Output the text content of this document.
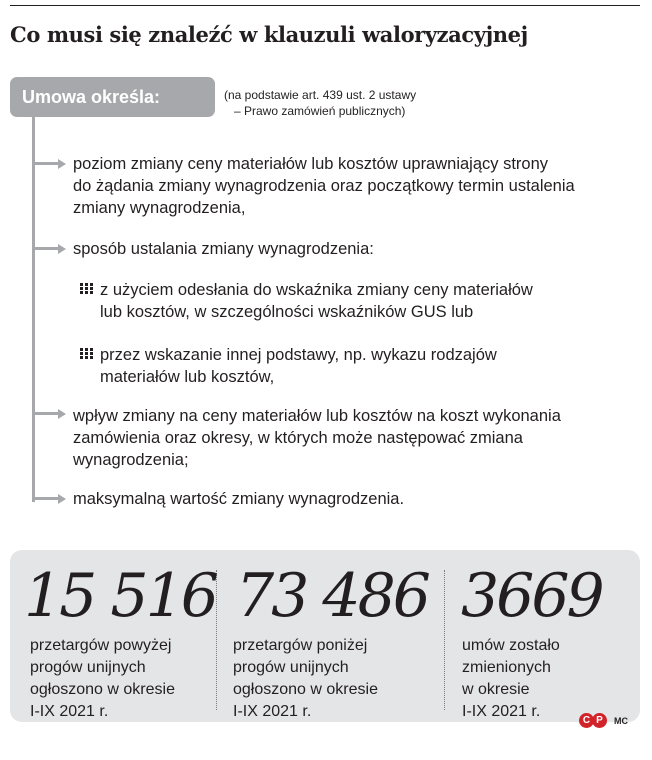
Co musi się znaleźć w klauzuli waloryzacyjnej
Umowa określa:	(na podstawie art. 439 ust. 2 ustawy
– Prawo zamówień publicznych)

poziom zmiany ceny materiałów lub kosztów uprawniający strony
do żądania zmiany wynagrodzenia oraz początkowy termin ustalenia
zmiany wynagrodzenia,

sposób ustalania zmiany wynagrodzenia:

z użyciem odesłania do wskaźnika zmiany ceny materiałów
lub kosztów, w szczególności wskaźników GUS lub

przez wskazanie innej podstawy, np. wykazu rodzajów
materiałów lub kosztów,

wpływ zmiany na ceny materiałów lub kosztów na koszt wykonania
zamówienia oraz okresy, w których może następować zmiana
wynagrodzenia;

maksymalną wartość zmiany wynagrodzenia.

15 516

przetargów powyżej
progów unijnych
ogłoszono w okresie
I-IX 2021 r.

73 486

przetargów poniżej
progów unijnych
ogłoszono w okresie
I-IX 2021 r.

3669

umów zostało
zmienionych
w okresie
I-IX 2021 r.

C P	MC
